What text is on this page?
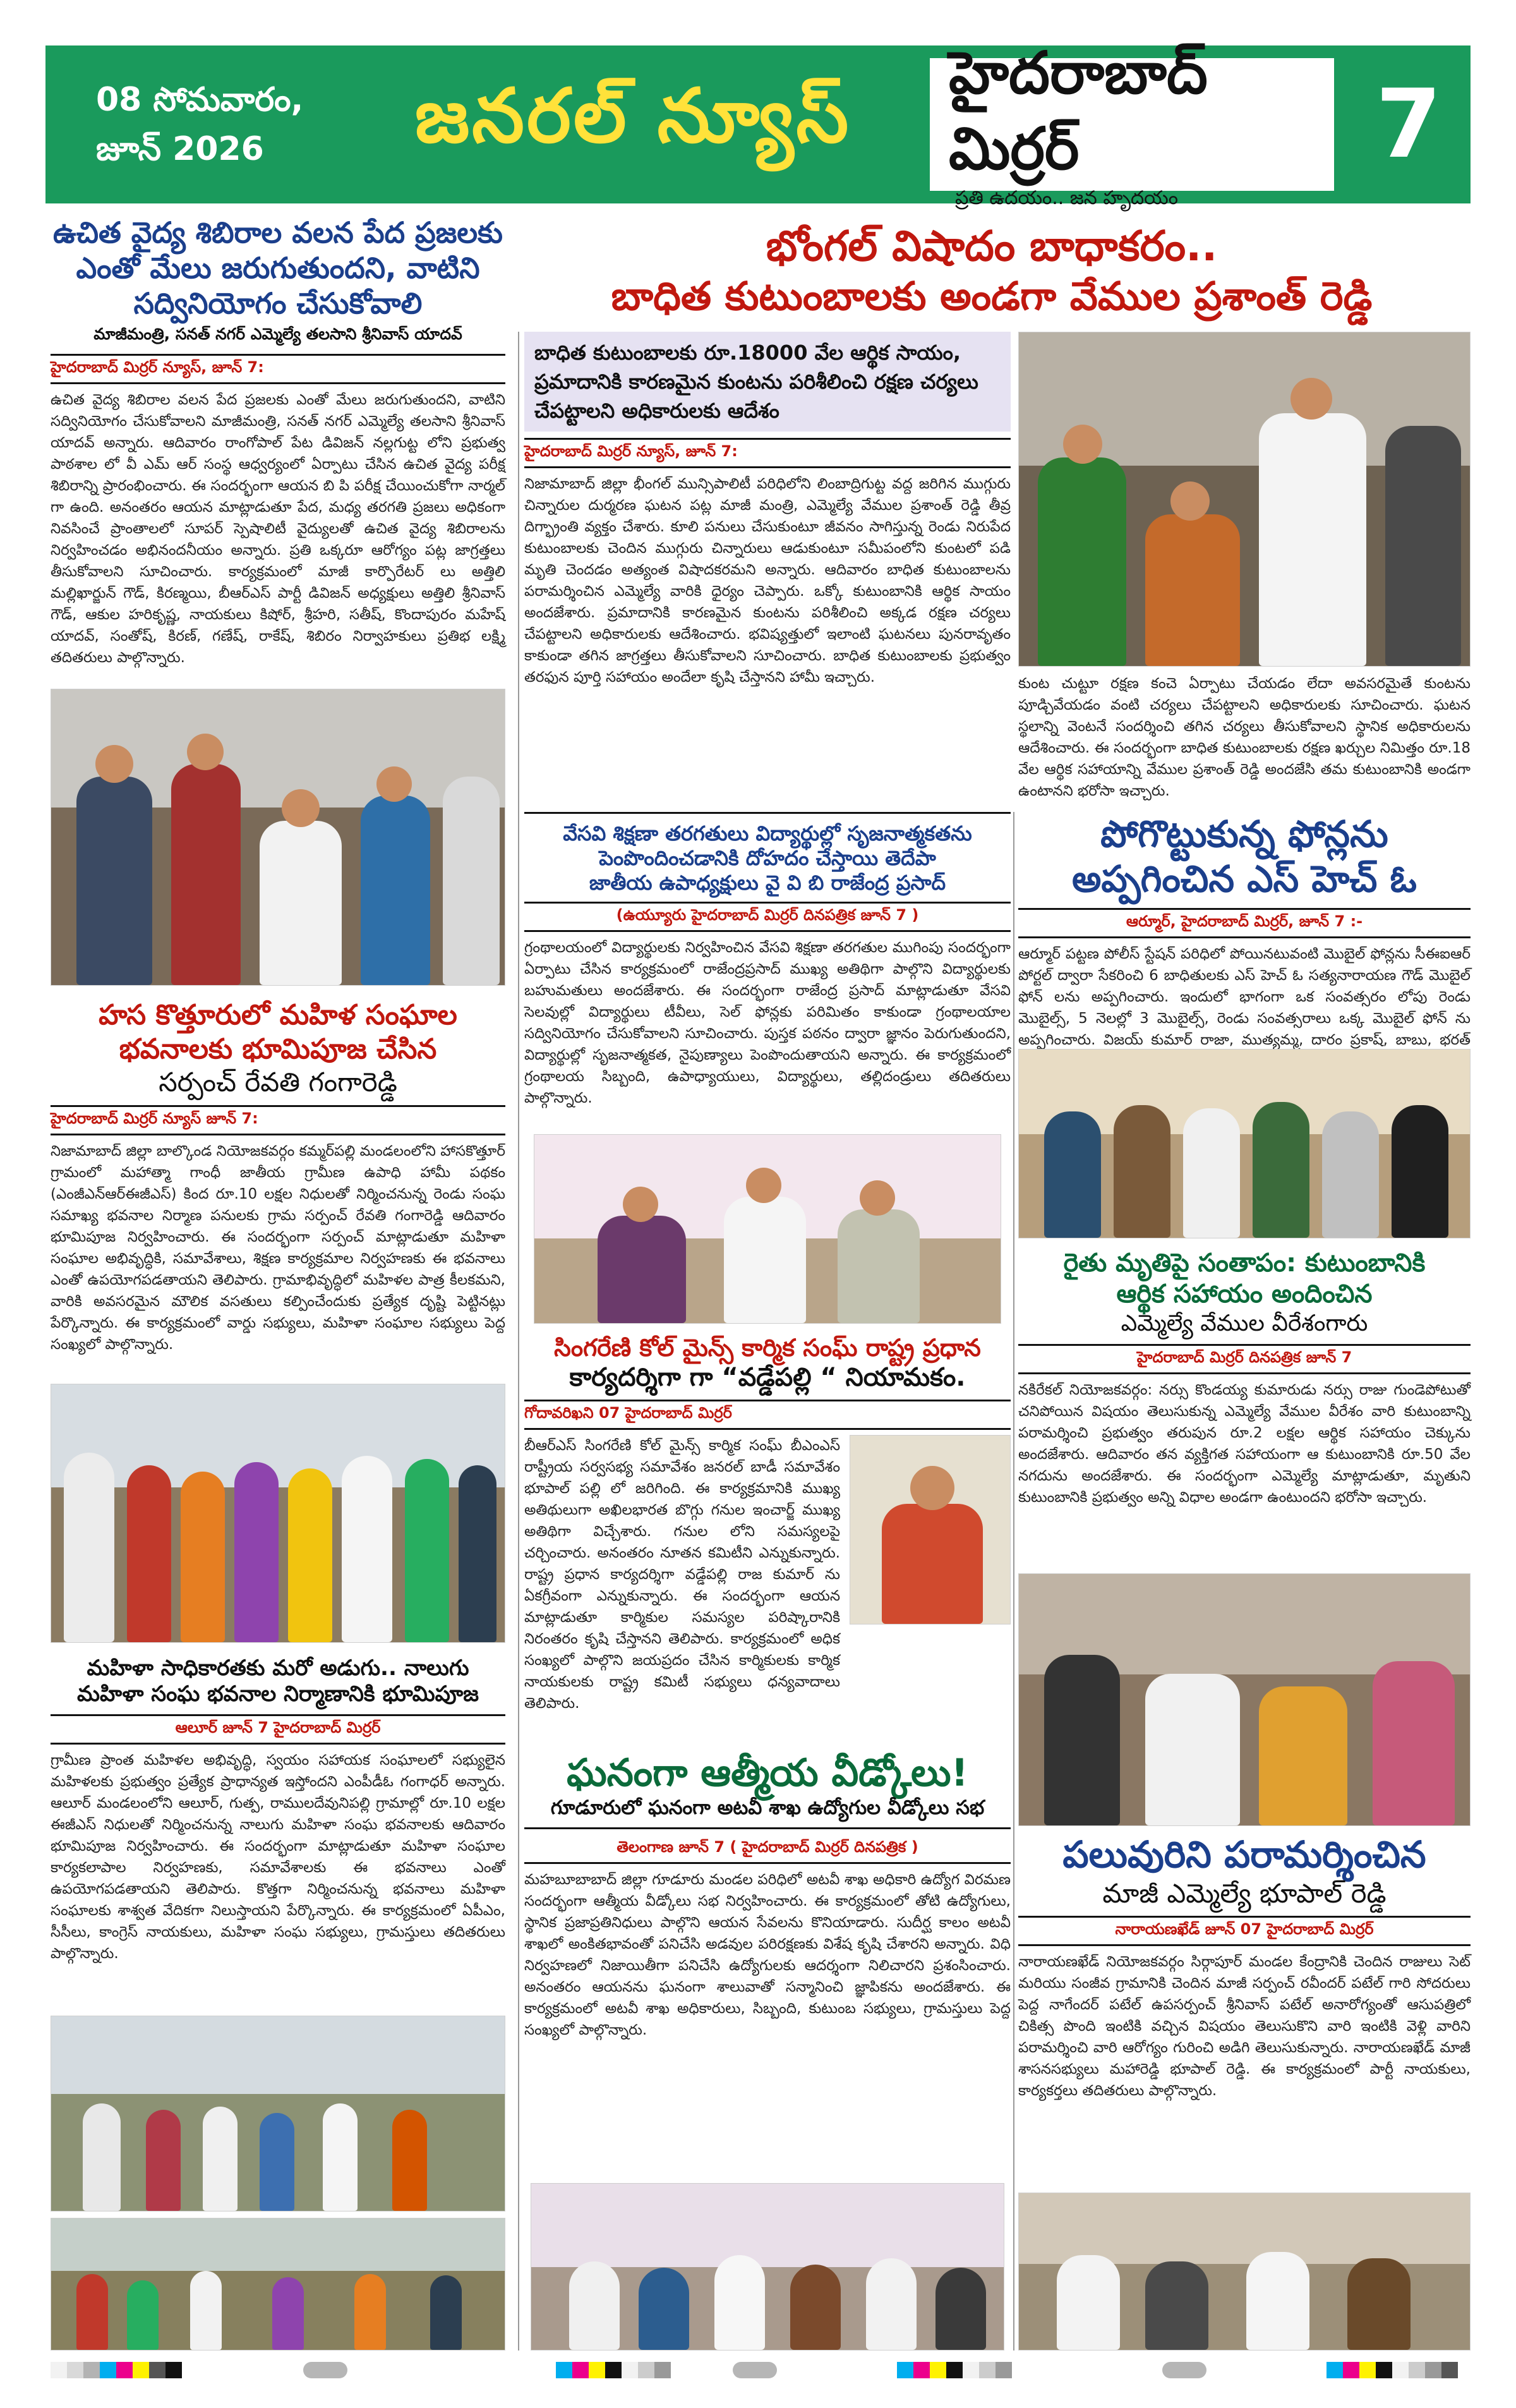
08 సోమవారం,
జూన్ 2026	జనరల్ న్యూస్	హైదరాబాద్ మిర్రర్
ప్రతి ఉదయం.. జన హృదయం
7
ఉచిత వైద్య శిబిరాల వలన పేద ప్రజలకు ఎంతో మేలు జరుగుతుందని, వాటిని సద్వినియోగం చేసుకోవాలి
మాజీమంత్రి, సనత్ నగర్ ఎమ్మెల్యే తలసాని శ్రీనివాస్ యాదవ్
హైదరాబాద్ మిర్రర్ న్యూస్, జూన్ 7:
ఉచిత వైద్య శిబిరాల వలన పేద ప్రజలకు ఎంతో మేలు జరుగుతుందని, వాటిని సద్వినియోగం చేసుకోవాలని మాజీమంత్రి, సనత్ నగర్ ఎమ్మెల్యే తలసాని శ్రీనివాస్ యాదవ్ అన్నారు. ఆదివారం రాంగోపాల్ పేట డివిజన్ నల్లగుట్ట లోని ప్రభుత్వ పాఠశాల లో వీ ఎమ్ ఆర్ సంస్థ ఆధ్వర్యంలో ఏర్పాటు చేసిన ఉచిత వైద్య పరీక్ష శిబిరాన్ని ప్రారంభించారు. ఈ సందర్భంగా ఆయన బి పి పరీక్ష చేయించుకోగా నార్మల్ గా ఉంది. అనంతరం ఆయన మాట్లాడుతూ పేద, మధ్య తరగతి ప్రజలు అధికంగా నివసించే ప్రాంతాలలో సూపర్ స్పెషాలిటీ వైద్యులతో ఉచిత వైద్య శిబిరాలను నిర్వహించడం అభినందనీయం అన్నారు. ప్రతి ఒక్కరూ ఆరోగ్యం పట్ల జాగ్రత్తలు తీసుకోవాలని సూచించారు. కార్యక్రమంలో మాజీ కార్పొరేటర్ లు అత్తిలి మల్లిఖార్జున్ గౌడ్, కిరణ్మయి, బీఆర్ఎస్ పార్టీ డివిజన్ అధ్యక్షులు అత్తిలి శ్రీనివాస్ గౌడ్, ఆకుల హరికృష్ణ, నాయకులు కిషోర్, శ్రీహరి, సతీష్, కొందాపురం మహేష్ యాదవ్, సంతోష్, కిరణ్, గణేష్, రాకేష్, శిబిరం నిర్వాహకులు ప్రతిభ లక్ష్మి తదితరులు పాల్గొన్నారు.
హస కొత్తూరులో మహిళ సంఘాల
భవనాలకు భూమిపూజ చేసిన
సర్పంచ్ రేవతి గంగారెడ్డి
హైదరాబాద్ మిర్రర్ న్యూస్ జూన్ 7:
నిజామాబాద్ జిల్లా బాల్కొండ నియోజకవర్గం కమ్మర్‌పల్లి మండలంలోని హాసకొత్తూర్ గ్రామంలో మహాత్మా గాంధీ జాతీయ గ్రామీణ ఉపాధి హామీ పథకం (ఎంజీఎన్ఆర్ఈజీఎస్) కింద రూ.10 లక్షల నిధులతో నిర్మించనున్న రెండు సంఘ సమాఖ్య భవనాల నిర్మాణ పనులకు గ్రామ సర్పంచ్ రేవతి గంగారెడ్డి ఆదివారం భూమిపూజ నిర్వహించారు. ఈ సందర్భంగా సర్పంచ్ మాట్లాడుతూ మహిళా సంఘాల అభివృద్ధికి, సమావేశాలు, శిక్షణ కార్యక్రమాల నిర్వహణకు ఈ భవనాలు ఎంతో ఉపయోగపడతాయని తెలిపారు. గ్రామాభివృద్ధిలో మహిళల పాత్ర కీలకమని, వారికి అవసరమైన మౌలిక వసతులు కల్పించేందుకు ప్రత్యేక దృష్టి పెట్టినట్లు పేర్కొన్నారు. ఈ కార్యక్రమంలో వార్డు సభ్యులు, మహిళా సంఘాల సభ్యులు పెద్ద సంఖ్యలో పాల్గొన్నారు.
మహిళా సాధికారతకు మరో అడుగు.. నాలుగు
మహిళా సంఘ భవనాల నిర్మాణానికి భూమిపూజ
ఆలూర్ జూన్ 7 హైదరాబాద్ మిర్రర్
గ్రామీణ ప్రాంత మహిళల అభివృద్ధి, స్వయం సహాయక సంఘాలలో సభ్యులైన మహిళలకు ప్రభుత్వం ప్రత్యేక ప్రాధాన్యత ఇస్తోందని ఎంపీడీఓ గంగాధర్ అన్నారు. ఆలూర్ మండలంలోని ఆలూర్, గుత్ప, రాములదేవునిపల్లి గ్రామాల్లో రూ.10 లక్షల ఈజీఎస్ నిధులతో నిర్మించనున్న నాలుగు మహిళా సంఘ భవనాలకు ఆదివారం భూమిపూజ నిర్వహించారు. ఈ సందర్భంగా మాట్లాడుతూ మహిళా సంఘాల కార్యకలాపాల నిర్వహణకు, సమావేశాలకు ఈ భవనాలు ఎంతో ఉపయోగపడతాయని తెలిపారు. కొత్తగా నిర్మించనున్న భవనాలు మహిళా సంఘాలకు శాశ్వత వేదికగా నిలుస్తాయని పేర్కొన్నారు. ఈ కార్యక్రమంలో ఏపీఎం, సీసీలు, కాంగ్రెస్ నాయకులు, మహిళా సంఘ సభ్యులు, గ్రామస్తులు తదితరులు పాల్గొన్నారు.
భోంగల్ విషాదం బాధాకరం..
బాధిత కుటుంబాలకు అండగా వేముల ప్రశాంత్ రెడ్డి
బాధిత కుటుంబాలకు రూ.18000 వేల ఆర్థిక సాయం, ప్రమాదానికి కారణమైన కుంటను పరిశీలించి రక్షణ చర్యలు చేపట్టాలని అధికారులకు ఆదేశం
హైదరాబాద్ మిర్రర్ న్యూస్, జూన్ 7:
నిజామాబాద్ జిల్లా భీంగల్ మున్సిపాలిటీ పరిధిలోని లింబాద్రిగుట్ట వద్ద జరిగిన ముగ్గురు చిన్నారుల దుర్మరణ ఘటన పట్ల మాజీ మంత్రి, ఎమ్మెల్యే వేముల ప్రశాంత్ రెడ్డి తీవ్ర దిగ్భ్రాంతి వ్యక్తం చేశారు. కూలి పనులు చేసుకుంటూ జీవనం సాగిస్తున్న రెండు నిరుపేద కుటుంబాలకు చెందిన ముగ్గురు చిన్నారులు ఆడుకుంటూ సమీపంలోని కుంటలో పడి మృతి చెందడం అత్యంత విషాదకరమని అన్నారు. ఆదివారం బాధిత కుటుంబాలను పరామర్శించిన ఎమ్మెల్యే వారికి ధైర్యం చెప్పారు. ఒక్కో కుటుంబానికి ఆర్థిక సాయం అందజేశారు. ప్రమాదానికి కారణమైన కుంటను పరిశీలించి అక్కడ రక్షణ చర్యలు చేపట్టాలని అధికారులకు ఆదేశించారు. భవిష్యత్తులో ఇలాంటి ఘటనలు పునరావృతం కాకుండా తగిన జాగ్రత్తలు తీసుకోవాలని సూచించారు. బాధిత కుటుంబాలకు ప్రభుత్వం తరఫున పూర్తి సహాయం అందేలా కృషి చేస్తానని హామీ ఇచ్చారు.	కుంట చుట్టూ రక్షణ కంచె ఏర్పాటు చేయడం లేదా అవసరమైతే కుంటను పూడ్చివేయడం వంటి చర్యలు చేపట్టాలని అధికారులకు సూచించారు. ఘటన స్థలాన్ని వెంటనే సందర్శించి తగిన చర్యలు తీసుకోవాలని స్థానిక అధికారులను ఆదేశించారు. ఈ సందర్భంగా బాధిత కుటుంబాలకు రక్షణ ఖర్చుల నిమిత్తం రూ.18 వేల ఆర్థిక సహాయాన్ని వేముల ప్రశాంత్ రెడ్డి అందజేసి తమ కుటుంబానికి అండగా ఉంటానని భరోసా ఇచ్చారు.
వేసవి శిక్షణా తరగతులు విద్యార్థుల్లో సృజనాత్మకతను
పెంపొందించడానికి దోహదం చేస్తాయి తెదేపా
జాతీయ ఉపాధ్యక్షులు వై వి బి రాజేంద్ర ప్రసాద్
(ఉయ్యూరు హైదరాబాద్ మిర్రర్ దినపత్రిక జూన్ 7 )
గ్రంథాలయంలో విద్యార్థులకు నిర్వహించిన వేసవి శిక్షణా తరగతుల ముగింపు సందర్భంగా ఏర్పాటు చేసిన కార్యక్రమంలో రాజేంద్రప్రసాద్ ముఖ్య అతిథిగా పాల్గొని విద్యార్థులకు బహుమతులు అందజేశారు. ఈ సందర్భంగా రాజేంద్ర ప్రసాద్ మాట్లాడుతూ వేసవి సెలవుల్లో విద్యార్థులు టీవీలు, సెల్ ఫోన్లకు పరిమితం కాకుండా గ్రంథాలయాల సద్వినియోగం చేసుకోవాలని సూచించారు. పుస్తక పఠనం ద్వారా జ్ఞానం పెరుగుతుందని, విద్యార్థుల్లో సృజనాత్మకత, నైపుణ్యాలు పెంపొందుతాయని అన్నారు. ఈ కార్యక్రమంలో గ్రంథాలయ సిబ్బంది, ఉపాధ్యాయులు, విద్యార్థులు, తల్లిదండ్రులు తదితరులు పాల్గొన్నారు.
సింగరేణి కోల్ మైన్స్ కార్మిక సంఘ్ రాష్ట్ర ప్రధాన
కార్యదర్శిగా గా “వడ్డేపల్లి “ నియామకం.
గోదావరిఖని 07 హైదరాబాద్ మిర్రర్
బీఆర్ఎస్ సింగరేణి కోల్ మైన్స్ కార్మిక సంఘ్ బీఎంఎస్ రాష్ట్రీయ సర్వసభ్య సమావేశం జనరల్ బాడీ సమావేశం భూపాల్ పల్లి లో జరిగింది. ఈ కార్యక్రమానికి ముఖ్య అతిథులుగా అఖిలభారత బొగ్గు గనుల ఇంచార్జ్ ముఖ్య అతిథిగా విచ్చేశారు. గనుల లోని సమస్యలపై చర్చించారు. అనంతరం నూతన కమిటీని ఎన్నుకున్నారు. రాష్ట్ర ప్రధాన కార్యదర్శిగా వడ్డేపల్లి రాజ కుమార్ ను ఏకగ్రీవంగా ఎన్నుకున్నారు. ఈ సందర్భంగా ఆయన మాట్లాడుతూ కార్మికుల సమస్యల పరిష్కారానికి నిరంతరం కృషి చేస్తానని తెలిపారు. కార్యక్రమంలో అధిక సంఖ్యలో పాల్గొని జయప్రదం చేసిన కార్మికులకు కార్మిక నాయకులకు రాష్ట్ర కమిటీ సభ్యులు ధన్యవాదాలు తెలిపారు.
ఘనంగా ఆత్మీయ వీడ్కోలు!
గూడూరులో ఘనంగా అటవీ శాఖ ఉద్యోగుల వీడ్కోలు సభ
తెలంగాణ జూన్ 7 ( హైదరాబాద్ మిర్రర్ దినపత్రిక )
మహబూబాబాద్ జిల్లా గూడూరు మండల పరిధిలో అటవీ శాఖ అధికారి ఉద్యోగ విరమణ సందర్భంగా ఆత్మీయ వీడ్కోలు సభ నిర్వహించారు. ఈ కార్యక్రమంలో తోటి ఉద్యోగులు, స్థానిక ప్రజాప్రతినిధులు పాల్గొని ఆయన సేవలను కొనియాడారు. సుదీర్ఘ కాలం అటవీ శాఖలో అంకితభావంతో పనిచేసి అడవుల పరిరక్షణకు విశేష కృషి చేశారని అన్నారు. విధి నిర్వహణలో నిజాయితీగా పనిచేసి ఉద్యోగులకు ఆదర్శంగా నిలిచారని ప్రశంసించారు. అనంతరం ఆయనను ఘనంగా శాలువాతో సన్మానించి జ్ఞాపికను అందజేశారు. ఈ కార్యక్రమంలో అటవీ శాఖ అధికారులు, సిబ్బంది, కుటుంబ సభ్యులు, గ్రామస్తులు పెద్ద సంఖ్యలో పాల్గొన్నారు.
పోగొట్టుకున్న ఫోన్లను
అప్పగించిన ఎస్ హెచ్ ఓ
ఆర్మూర్, హైదరాబాద్ మిర్రర్, జూన్ 7 :-
ఆర్మూర్ పట్టణ పోలీస్ స్టేషన్ పరిధిలో పోయినటువంటి మొబైల్ ఫోన్లను సీఈఐఆర్ పోర్టల్ ద్వారా సేకరించి 6 బాధితులకు ఎస్ హెచ్ ఓ సత్యనారాయణ గౌడ్ మొబైల్ ఫోన్ లను అప్పగించారు. ఇందులో భాగంగా ఒక సంవత్సరం లోపు రెండు మొబైల్స్, 5 నెలల్లో 3 మొబైల్స్, రెండు సంవత్సరాలు ఒక్క మొబైల్ ఫోన్ ను అప్పగించారు. విజయ్ కుమార్ రాజా, ముత్యమ్మ, దారం ప్రకాష్, బాబు, భరత్
రైతు మృతిపై సంతాపం: కుటుంబానికి
ఆర్థిక సహాయం అందించిన
ఎమ్మెల్యే వేముల వీరేశంగారు
హైదరాబాద్ మిర్రర్ దినపత్రిక జూన్ 7
నకిరేకల్ నియోజకవర్గం: నర్సు కొండయ్య కుమారుడు నర్సు రాజు గుండెపోటుతో చనిపోయిన విషయం తెలుసుకున్న ఎమ్మెల్యే వేముల వీరేశం వారి కుటుంబాన్ని పరామర్శించి ప్రభుత్వం తరుపున రూ.2 లక్షల ఆర్థిక సహాయం చెక్కును అందజేశారు. ఆదివారం తన వ్యక్తిగత సహాయంగా ఆ కుటుంబానికి రూ.50 వేల నగదును అందజేశారు. ఈ సందర్భంగా ఎమ్మెల్యే మాట్లాడుతూ, మృతుని కుటుంబానికి ప్రభుత్వం అన్ని విధాల అండగా ఉంటుందని భరోసా ఇచ్చారు.
పలువురిని పరామర్శించిన
మాజీ ఎమ్మెల్యే భూపాల్ రెడ్డి
నారాయణఖేడ్ జూన్ 07 హైదరాబాద్ మిర్రర్
నారాయణఖేడ్ నియోజకవర్గం సిర్గాపూర్ మండల కేంద్రానికి చెందిన రాజులు సెట్ మరియు సంజీవ గ్రామానికి చెందిన మాజీ సర్పంచ్ రవీందర్ పటేల్ గారి సోదరులు పెద్ద నాగేందర్ పటేల్ ఉపసర్పంచ్ శ్రీనివాస్ పటేల్ అనారోగ్యంతో ఆసుపత్రిలో చికిత్స పొంది ఇంటికి వచ్చిన విషయం తెలుసుకొని వారి ఇంటికి వెళ్లి వారిని పరామర్శించి వారి ఆరోగ్యం గురించి అడిగి తెలుసుకున్నారు. నారాయణఖేడ్ మాజీ శాసనసభ్యులు మహారెడ్డి భూపాల్ రెడ్డి. ఈ కార్యక్రమంలో పార్టీ నాయకులు, కార్యకర్తలు తదితరులు పాల్గొన్నారు.
